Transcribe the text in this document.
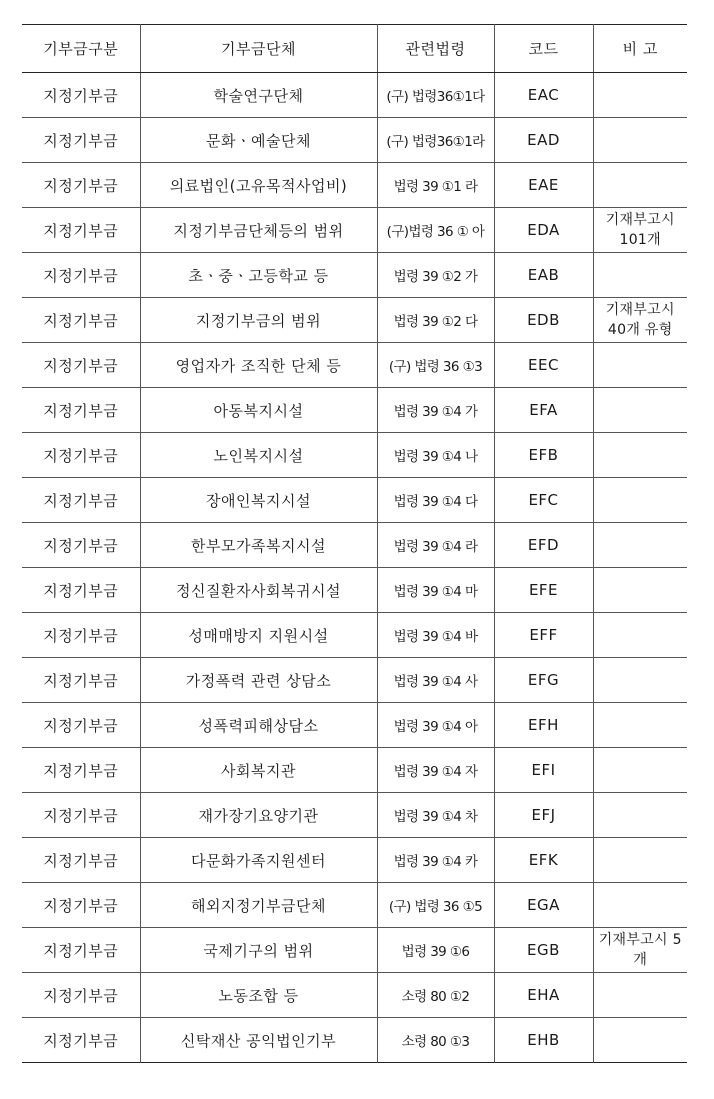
기부금구분	기부금단체	관련법령	코드	비 고
지정기부금	학술연구단체	(구) 법령36①1다	EAC	
지정기부금	문화ㆍ예술단체	(구) 법령36①1라	EAD	
지정기부금	의료법인(고유목적사업비)	법령 39 ①1 라	EAE	
지정기부금	지정기부금단체등의 범위	(구)법령 36 ① 아	EDA	기재부고시 101개
지정기부금	초ㆍ중ㆍ고등학교 등	법령 39 ①2 가	EAB	
지정기부금	지정기부금의 범위	법령 39 ①2 다	EDB	기재부고시 40개 유형
지정기부금	영업자가 조직한 단체 등	(구) 법령 36 ①3	EEC	
지정기부금	아동복지시설	법령 39 ①4 가	EFA	
지정기부금	노인복지시설	법령 39 ①4 나	EFB	
지정기부금	장애인복지시설	법령 39 ①4 다	EFC	
지정기부금	한부모가족복지시설	법령 39 ①4 라	EFD	
지정기부금	정신질환자사회복귀시설	법령 39 ①4 마	EFE	
지정기부금	성매매방지 지원시설	법령 39 ①4 바	EFF	
지정기부금	가정폭력 관련 상담소	법령 39 ①4 사	EFG	
지정기부금	성폭력피해상담소	법령 39 ①4 아	EFH	
지정기부금	사회복지관	법령 39 ①4 자	EFI	
지정기부금	재가장기요양기관	법령 39 ①4 차	EFJ	
지정기부금	다문화가족지원센터	법령 39 ①4 카	EFK	
지정기부금	해외지정기부금단체	(구) 법령 36 ①5	EGA	
지정기부금	국제기구의 범위	법령 39 ①6	EGB	기재부고시 5개
지정기부금	노동조합 등	소령 80 ①2	EHA	
지정기부금	신탁재산 공익법인기부	소령 80 ①3	EHB	
